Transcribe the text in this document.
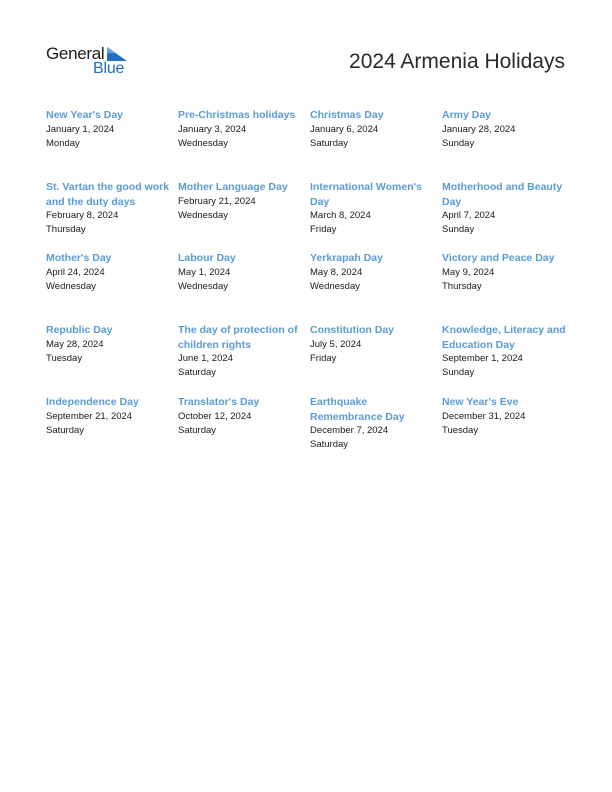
General
Blue	2024 Armenia Holidays
New Year's Day
January 1, 2024
Monday
Pre-Christmas holidays
January 3, 2024
Wednesday
Christmas Day
January 6, 2024
Saturday
Army Day
January 28, 2024
Sunday
St. Vartan the good work and the duty days
February 8, 2024
Thursday
Mother Language Day
February 21, 2024
Wednesday
International Women's Day
March 8, 2024
Friday
Motherhood and Beauty Day
April 7, 2024
Sunday
Mother's Day
April 24, 2024
Wednesday
Labour Day
May 1, 2024
Wednesday
Yerkrapah Day
May 8, 2024
Wednesday
Victory and Peace Day
May 9, 2024
Thursday
Republic Day
May 28, 2024
Tuesday
The day of protection of children rights
June 1, 2024
Saturday
Constitution Day
July 5, 2024
Friday
Knowledge, Literacy and Education Day
September 1, 2024
Sunday
Independence Day
September 21, 2024
Saturday
Translator's Day
October 12, 2024
Saturday
Earthquake Remembrance Day
December 7, 2024
Saturday
New Year's Eve
December 31, 2024
Tuesday
